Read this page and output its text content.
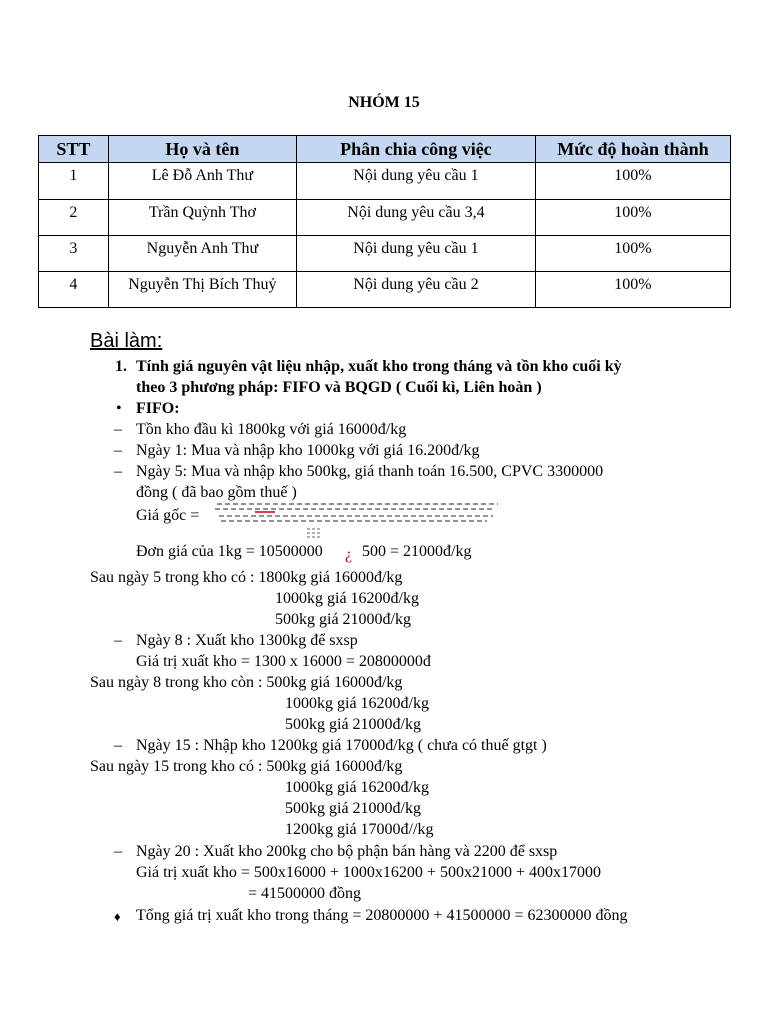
NHÓM 15
STT	Họ và tên	Phân chia công việc	Mức độ hoàn thành
1	Lê Đỗ Anh Thư	Nội dung yêu cầu 1	100%
2	Trần Quỳnh Thơ	Nội dung yêu cầu 3,4	100%
3	Nguyễn Anh Thư	Nội dung yêu cầu 1	100%
4	Nguyễn Thị Bích Thuỷ	Nội dung yêu cầu 2	100%
Bài làm:
1. Tính giá nguyên vật liệu nhập, xuất kho trong tháng và tồn kho cuối kỳ
theo 3 phương pháp: FIFO và BQGD ( Cuối kì, Liên hoàn )
• FIFO:
– Tồn kho đầu kì 1800kg với giá 16000đ/kg
– Ngày 1: Mua và nhập kho 1000kg với giá 16.200đ/kg
– Ngày 5: Mua và nhập kho 500kg, giá thanh toán 16.500, CPVC 3300000
đồng ( đã bao gồm thuế )
Giá gốc =
Đơn giá của 1kg = 10500000 ¿ 500 = 21000đ/kg
Sau ngày 5 trong kho có : 1800kg giá 16000đ/kg
1000kg giá 16200đ/kg
500kg giá 21000đ/kg
– Ngày 8 : Xuất kho 1300kg để sxsp
Giá trị xuất kho = 1300 x 16000 = 20800000đ
Sau ngày 8 trong kho còn : 500kg giá 16000đ/kg
1000kg giá 16200đ/kg
500kg giá 21000đ/kg
– Ngày 15 : Nhập kho 1200kg giá 17000đ/kg ( chưa có thuế gtgt )
Sau ngày 15 trong kho có : 500kg giá 16000đ/kg
1000kg giá 16200đ/kg
500kg giá 21000đ/kg
1200kg giá 17000đ//kg
– Ngày 20 : Xuất kho 200kg cho bộ phận bán hàng và 2200 để sxsp
Giá trị xuất kho = 500x16000 + 1000x16200 + 500x21000 + 400x17000
= 41500000 đồng
♦ Tổng giá trị xuất kho trong tháng = 20800000 + 41500000 = 62300000 đồng
